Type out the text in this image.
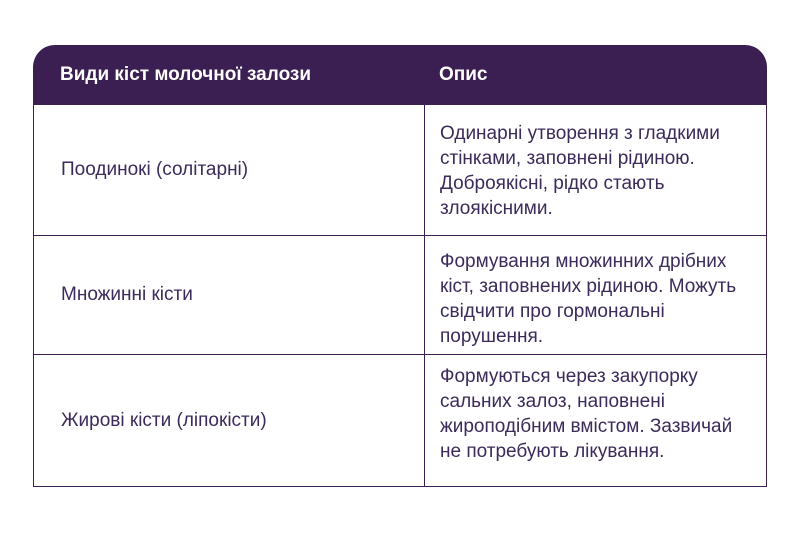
Види кіст молочної залози	Опис
Поодинокі (солітарні)
Одинарні утворення з гладкими стінками, заповнені рідиною. Доброякісні, рідко стають злоякісними.
Множинні кісти
Формування множинних дрібних кіст, заповнених рідиною. Можуть свідчити про гормональні порушення.
Жирові кісти (ліпокісти)
Формуються через закупорку сальних залоз, наповнені жироподібним вмістом. Зазвичай не потребують лікування.
